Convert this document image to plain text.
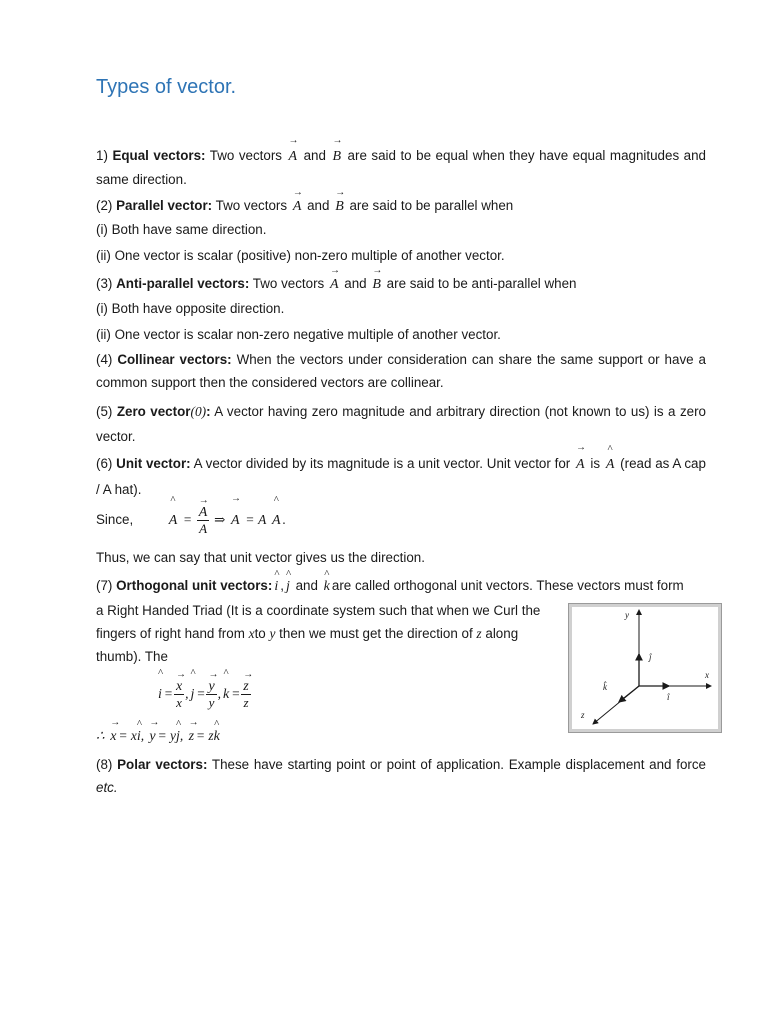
Types of vector.
1) Equal vectors: Two vectors
→
A and
→
B are said to be equal when they have equal magnitudes and same direction.
(2) Parallel vector: Two vectors
→
A and
→
B are said to be parallel when
(i) Both have same direction.
(ii) One vector is scalar (positive) non-zero multiple of another vector.
(3) Anti-parallel vectors: Two vectors
→
A and
→
B are said to be anti-parallel when
(i) Both have opposite direction.
(ii) One vector is scalar non-zero negative multiple of another vector.
(4) Collinear vectors: When the vectors under consideration can share the same support or have a common support then the considered vectors are collinear.
(5) Zero vector(0): A vector having zero magnitude and arbitrary direction (not known to us) is a zero vector.
(6) Unit vector: A vector divided by its magnitude is a unit vector. Unit vector for
→
A is
^
A (read as A cap / A hat).
Since,
^
A = →
A
A ⇒
→
A = A
^
A .
Thus, we can say that unit vector gives us the direction.
(7) Orthogonal unit vectors:
^
i ,
^
j and
^
k are called orthogonal unit vectors. These vectors must form
a Right Handed Triad (It is a coordinate system such that when we Curl the
fingers of right hand from xto y then we must get the direction of z along
thumb). The
^
i = →
x
x ,
^
j = →
y
y ,
^
k = →
z
z
∴
→
x = x
^
i,
→
y = y
^
j,
→
z = z
^
k
y
x
z
ĵ
î
k̂
(8) Polar vectors: These have starting point or point of application. Example displacement and force etc.
